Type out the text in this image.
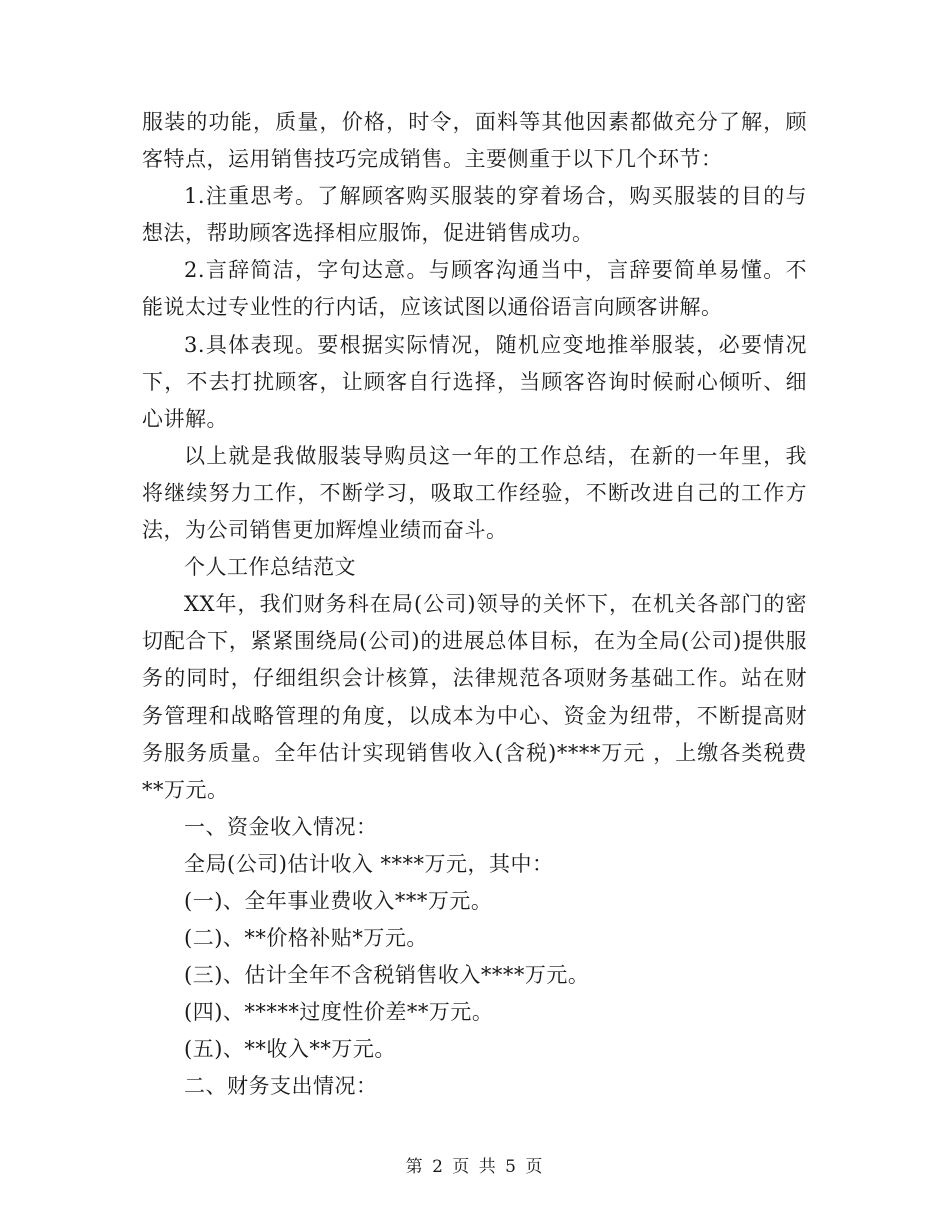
服装的功能，质量，价格，时令，面料等其他因素都做充分了解，顾客特点，运用销售技巧完成销售。主要侧重于以下几个环节：

1.注重思考。了解顾客购买服装的穿着场合，购买服装的目的与想法，帮助顾客选择相应服饰，促进销售成功。

2.言辞简洁，字句达意。与顾客沟通当中，言辞要简单易懂。不能说太过专业性的行内话，应该试图以通俗语言向顾客讲解。

3.具体表现。要根据实际情况，随机应变地推举服装，必要情况下，不去打扰顾客，让顾客自行选择，当顾客咨询时候耐心倾听、细心讲解。

以上就是我做服装导购员这一年的工作总结，在新的一年里，我将继续努力工作，不断学习，吸取工作经验，不断改进自己的工作方法，为公司销售更加辉煌业绩而奋斗。

个人工作总结范文

XX年，我们财务科在局(公司)领导的关怀下，在机关各部门的密切配合下，紧紧围绕局(公司)的进展总体目标，在为全局(公司)提供服务的同时，仔细组织会计核算，法律规范各项财务基础工作。站在财务管理和战略管理的角度，以成本为中心、资金为纽带，不断提高财务服务质量。全年估计实现销售收入(含税)****万元 ，上缴各类税费 **万元。

一、资金收入情况：

全局(公司)估计收入 ****万元，其中：

(一)、全年事业费收入***万元。

(二)、**价格补贴*万元。

(三)、估计全年不含税销售收入****万元。

(四)、*****过度性价差**万元。

(五)、**收入**万元。

二、财务支出情况：

第 2 页 共 5 页
